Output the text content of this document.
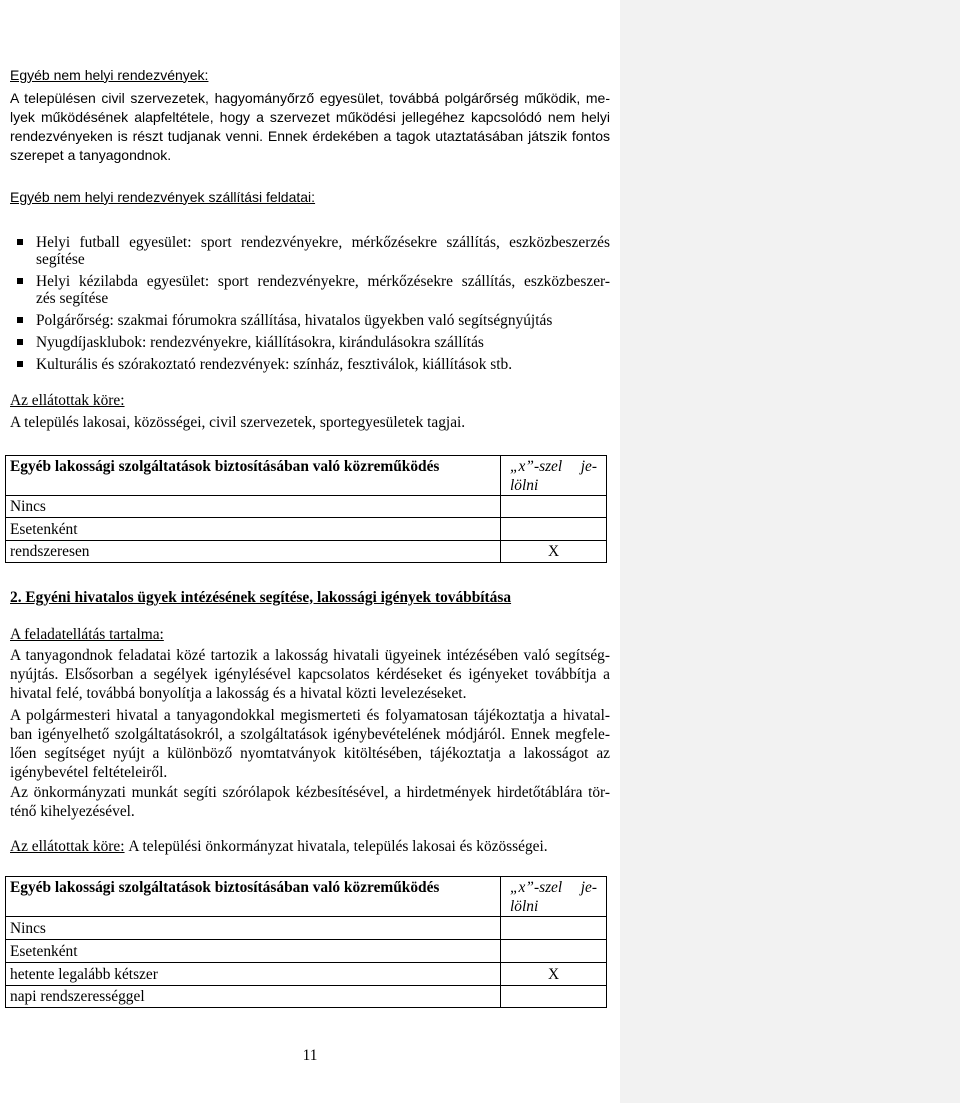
Egyéb nem helyi rendezvények:
A településen civil szervezetek, hagyományőrző egyesület, továbbá polgárőrség működik, me-
lyek működésének alapfeltétele, hogy a szervezet működési jellegéhez kapcsolódó nem helyi
rendezvényeken is részt tudjanak venni. Ennek érdekében a tagok utaztatásában játszik fontos
szerepet a tanyagondnok.
Egyéb nem helyi rendezvények szállítási feldatai:
Helyi futball egyesület: sport rendezvényekre, mérkőzésekre szállítás, eszközbeszerzés
segítése
Helyi kézilabda egyesület: sport rendezvényekre, mérkőzésekre szállítás, eszközbeszer-
zés segítése
Polgárőrség: szakmai fórumokra szállítása, hivatalos ügyekben való segítségnyújtás
Nyugdíjasklubok: rendezvényekre, kiállításokra, kirándulásokra szállítás
Kulturális és szórakoztató rendezvények: színház, fesztiválok, kiállítások stb.
Az ellátottak köre:
A település lakosai, közösségei, civil szervezetek, sportegyesületek tagjai.
Egyéb lakossági szolgáltatások biztosításában való közreműködés	„x”-szel je-
lölni
Nincs
Esetenként
rendszeresen	X
2. Egyéni hivatalos ügyek intézésének segítése, lakossági igények továbbítása
A feladatellátás tartalma:
A tanyagondnok feladatai közé tartozik a lakosság hivatali ügyeinek intézésében való segítség-
nyújtás. Elsősorban a segélyek igénylésével kapcsolatos kérdéseket és igényeket továbbítja a
hivatal felé, továbbá bonyolítja a lakosság és a hivatal közti levelezéseket.
A polgármesteri hivatal a tanyagondokkal megismerteti és folyamatosan tájékoztatja a hivatal-
ban igényelhető szolgáltatásokról, a szolgáltatások igénybevételének módjáról. Ennek megfele-
lően segítséget nyújt a különböző nyomtatványok kitöltésében, tájékoztatja a lakosságot az
igénybevétel feltételeiről.
Az önkormányzati munkát segíti szórólapok kézbesítésével, a hirdetmények hirdetőtáblára tör-
ténő kihelyezésével.
Az ellátottak köre: A települési önkormányzat hivatala, település lakosai és közösségei.
Egyéb lakossági szolgáltatások biztosításában való közreműködés	„x”-szel je-
lölni
Nincs
Esetenként
hetente legalább kétszer	X
napi rendszerességgel
11
